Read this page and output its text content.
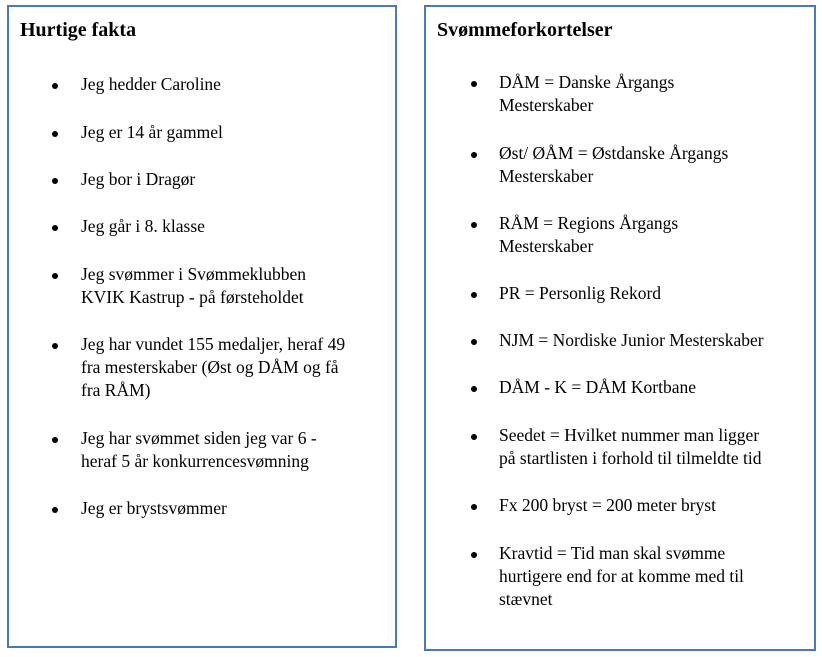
Hurtige fakta
Jeg hedder Caroline
Jeg er 14 år gammel
Jeg bor i Dragør
Jeg går i 8. klasse
Jeg svømmer i Svømmeklubben
KVIK Kastrup - på førsteholdet
Jeg har vundet 155 medaljer, heraf 49
fra mesterskaber (Øst og DÅM og få
fra RÅM)
Jeg har svømmet siden jeg var 6 -
heraf 5 år konkurrencesvømning
Jeg er brystsvømmer
Svømmeforkortelser
DÅM = Danske Årgangs
Mesterskaber
Øst/ ØÅM = Østdanske Årgangs
Mesterskaber
RÅM = Regions Årgangs
Mesterskaber
PR = Personlig Rekord
NJM = Nordiske Junior Mesterskaber
DÅM - K = DÅM Kortbane
Seedet = Hvilket nummer man ligger
på startlisten i forhold til tilmeldte tid
Fx 200 bryst = 200 meter bryst
Kravtid = Tid man skal svømme
hurtigere end for at komme med til
stævnet
